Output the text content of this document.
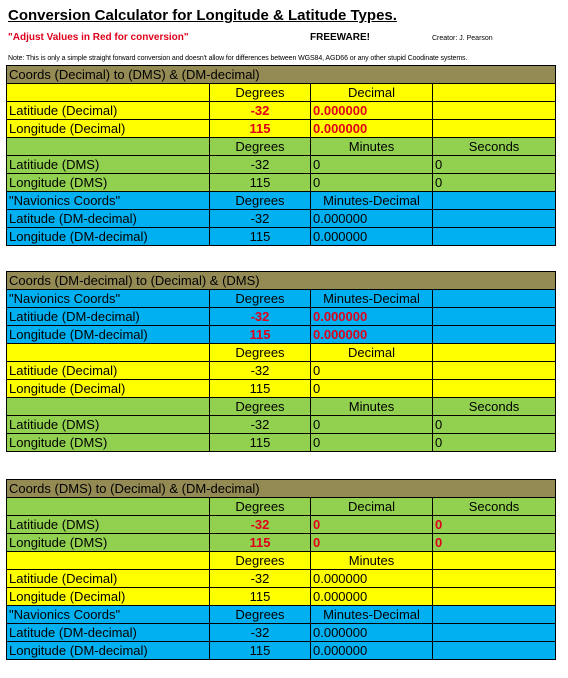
Conversion Calculator for Longitude & Latitude Types.
"Adjust Values in Red for conversion"	FREEWARE!	Creator: J. Pearson
Note: This is only a simple straight forward conversion and doesn't allow for differences between WGS84, AGD66 or any other stupid Coodinate systems.
Coords (Decimal) to (DMS) & (DM-decimal)			
	Degrees	Decimal	
Latitiude (Decimal)	-32	0.000000	
Longitude (Decimal)	115	0.000000	
	Degrees	Minutes	Seconds
Latitiude (DMS)	-32	0	0
Longitude (DMS)	115	0	0
"Navionics Coords"	Degrees	Minutes-Decimal	
Latitude (DM-decimal)	-32	0.000000	
Longitude (DM-decimal)	115	0.000000	
Coords (DM-decimal) to (Decimal) & (DMS)			
"Navionics Coords"	Degrees	Minutes-Decimal	
Latitiude (DM-decimal)	-32	0.000000	
Longitude (DM-decimal)	115	0.000000	
	Degrees	Decimal	
Latitiude (Decimal)	-32	0	
Longitude (Decimal)	115	0	
	Degrees	Minutes	Seconds
Latitiude (DMS)	-32	0	0
Longitude (DMS)	115	0	0
Coords (DMS) to (Decimal) & (DM-decimal)			
	Degrees	Decimal	Seconds
Latitiude (DMS)	-32	0	0
Longitude (DMS)	115	0	0
	Degrees	Minutes	
Latitiude (Decimal)	-32	0.000000	
Longitude (Decimal)	115	0.000000	
"Navionics Coords"	Degrees	Minutes-Decimal	
Latitude (DM-decimal)	-32	0.000000	
Longitude (DM-decimal)	115	0.000000	
